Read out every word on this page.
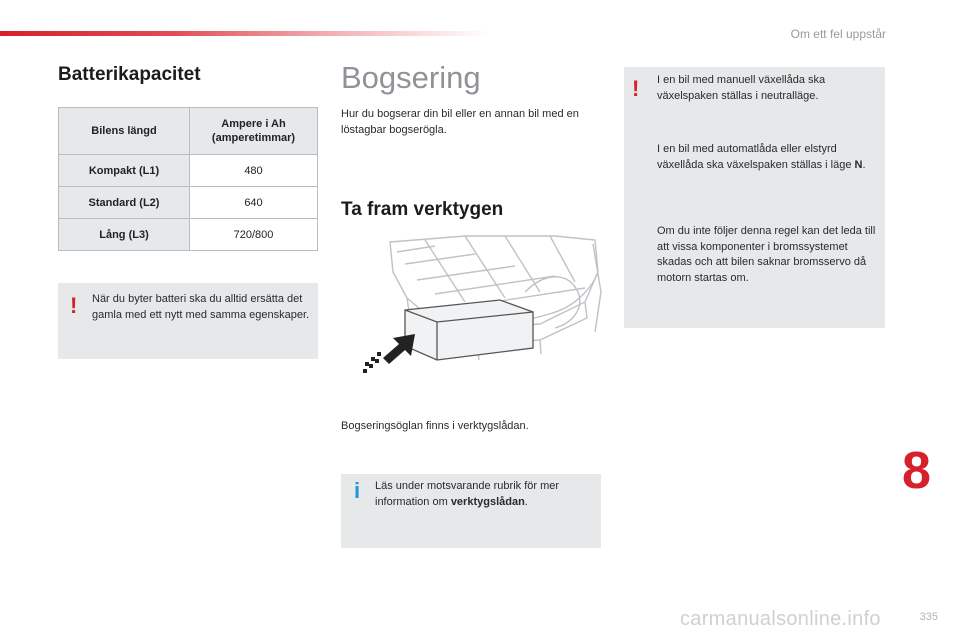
Om ett fel uppstår
Batterikapacitet
Bilens längd	Ampere i Ah (amperetimmar)
Kompakt (L1)	480
Standard (L2)	640
Lång (L3)	720/800
! När du byter batteri ska du alltid ersätta det gamla med ett nytt med samma egenskaper.

Bogsering

Hur du bogserar din bil eller en annan bil med en löstagbar bogserögla.

Ta fram verktygen

Bogseringsöglan finns i verktygslådan.

i Läs under motsvarande rubrik för mer information om verktygslådan.

! I en bil med manuell växellåda ska växelspaken ställas i neutralläge.

I en bil med automatlåda eller elstyrd växellåda ska växelspaken ställas i läge N.

Om du inte följer denna regel kan det leda till att vissa komponenter i bromssystemet skadas och att bilen saknar bromsservo då motorn startas om.

8
carmanualsonline.info	335
